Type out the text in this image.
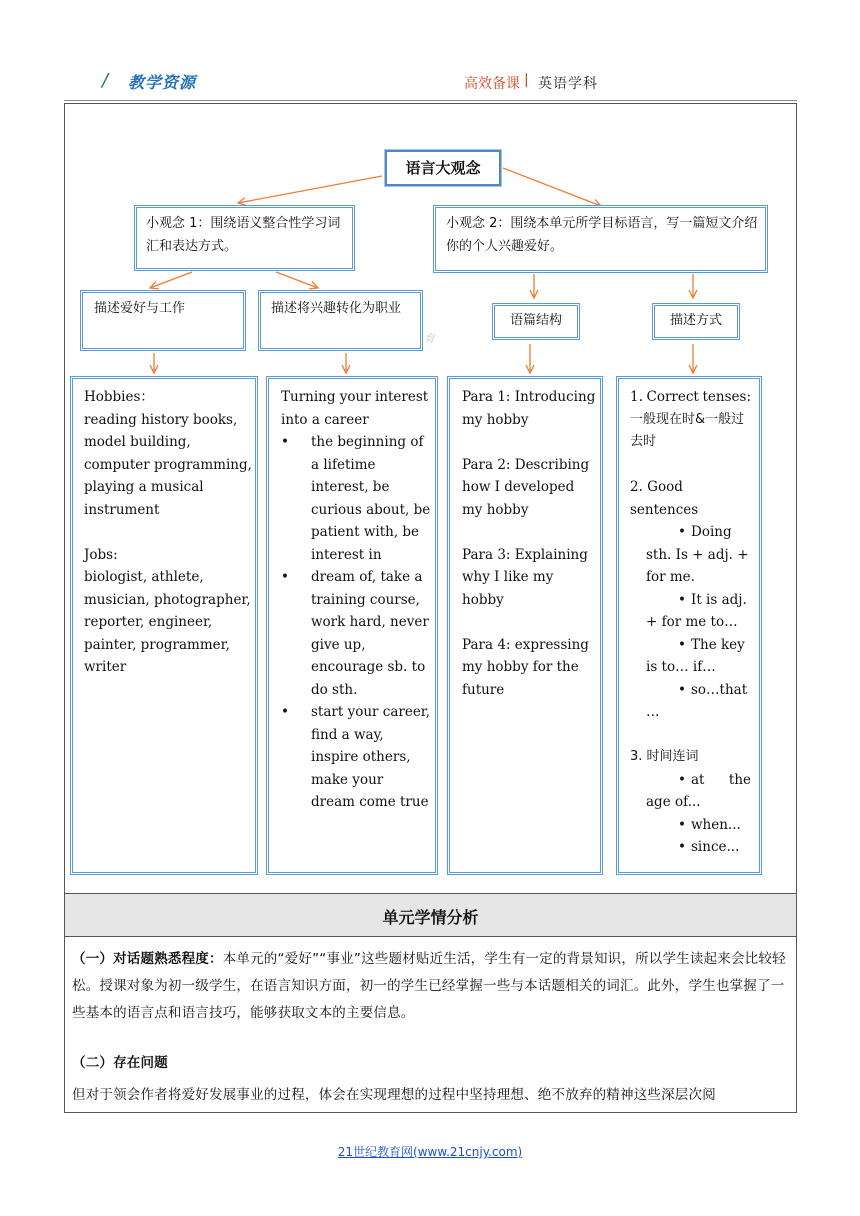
/ 教学资源	高效备课 | 英语学科
语言大观念
小观念 1：围绕语义整合性学习词汇和表达方式。
小观念 2：围绕本单元所学目标语言，写一篇短文介绍你的个人兴趣爱好。
描述爱好与工作	描述将兴趣转化为职业
语篇结构	描述方式
育
Hobbies：
reading history books, model building, computer programming, playing a musical instrument
Jobs:
biologist, athlete, musician, photographer, reporter, engineer, painter, programmer, writer
Turning your interest into a career
• the beginning of a lifetime interest, be curious about, be patient with, be interest in
• dream of, take a training course, work hard, never give up, encourage sb. to do sth.
• start your career, find a way, inspire others, make your dream come true
Para 1: Introducing my hobby
Para 2: Describing how I developed my hobby
Para 3: Explaining why I like my hobby
Para 4: expressing my hobby for the future
1. Correct tenses:
一般现在时&一般过去时
2. Good sentences
• Doing
sth. Is + adj. + for me.
• It is adj.
+ for me to…
• The key
is to… if…
• so…that
…
3. 时间连词
• at the
age of...
• when...
• since...
单元学情分析
（一）对话题熟悉程度：本单元的“爱好”“事业”这些题材贴近生活，学生有一定的背景知识，所以学生读起来会比较轻松。授课对象为初一级学生，在语言知识方面，初一的学生已经掌握一些与本话题相关的词汇。此外，学生也掌握了一些基本的语言点和语言技巧，能够获取文本的主要信息。
（二）存在问题
但对于领会作者将爱好发展事业的过程，体会在实现理想的过程中坚持理想、绝不放弃的精神这些深层次阅
21世纪教育网(www.21cnjy.com)
